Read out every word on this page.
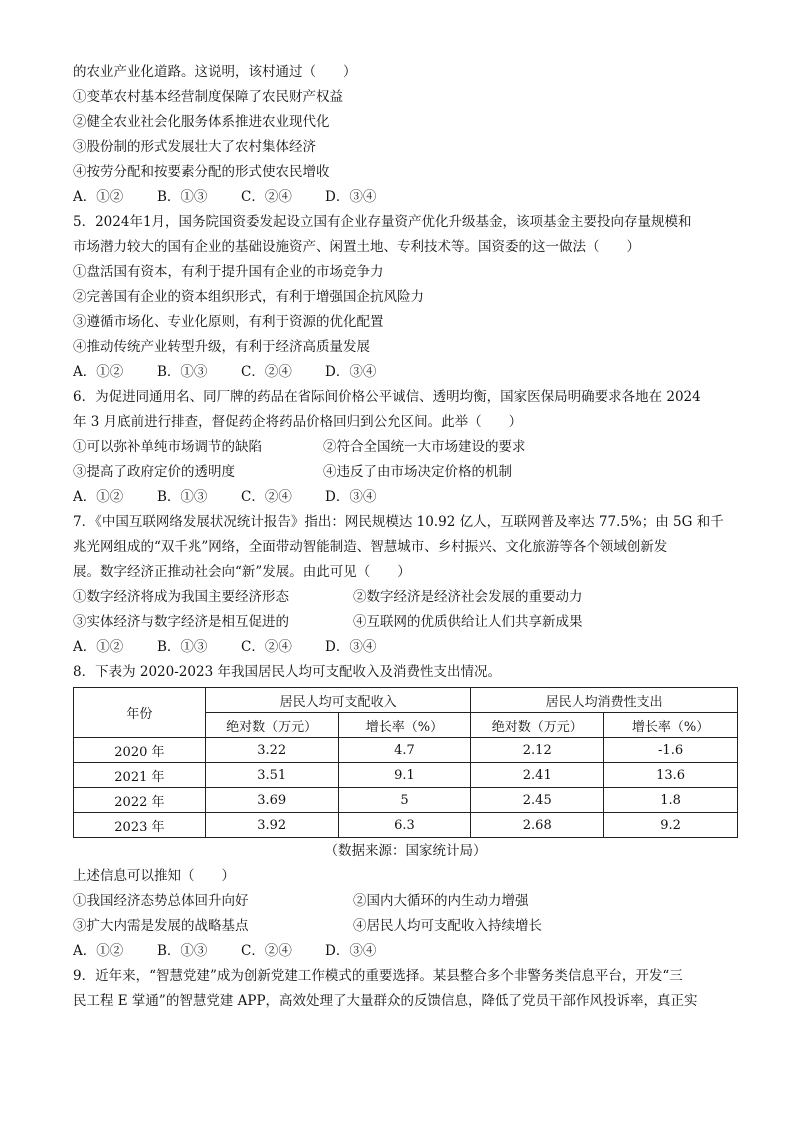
的农业产业化道路。这说明，该村通过（　　）
①变革农村基本经营制度保障了农民财产权益
②健全农业社会化服务体系推进农业现代化
③股份制的形式发展壮大了农村集体经济
④按劳分配和按要素分配的形式使农民增收
A．①②	B．①③ C．②④ D．③④
5．2024年1月，国务院国资委发起设立国有企业存量资产优化升级基金，该项基金主要投向存量规模和
市场潜力较大的国有企业的基础设施资产、闲置土地、专利技术等。国资委的这一做法（　　）
①盘活国有资本，有利于提升国有企业的市场竞争力
②完善国有企业的资本组织形式，有利于增强国企抗风险力
③遵循市场化、专业化原则，有利于资源的优化配置
④推动传统产业转型升级，有利于经济高质量发展
A．①②	B．①③ C．②④ D．③④
6．为促进同通用名、同厂牌的药品在省际间价格公平诚信、透明均衡，国家医保局明确要求各地在 2024
年 3 月底前进行排查，督促药企将药品价格回归到公允区间。此举（　　）
①可以弥补单纯市场调节的缺陷	②符合全国统一大市场建设的要求
③提高了政府定价的透明度	④违反了由市场决定价格的机制
A．①②	B．①③ C．②④ D．③④
7．《中国互联网络发展状况统计报告》指出：网民规模达 10.92 亿人，互联网普及率达 77.5%；由 5G 和千
兆光网组成的“双千兆”网络，全面带动智能制造、智慧城市、乡村振兴、文化旅游等各个领域创新发
展。数字经济正推动社会向“新”发展。由此可见（　　）
①数字经济将成为我国主要经济形态	②数字经济是经济社会发展的重要动力
③实体经济与数字经济是相互促进的	④互联网的优质供给让人们共享新成果
A．①②	B．①③ C．②④ D．③④
8．下表为 2020-2023 年我国居民人均可支配收入及消费性支出情况。
年份	居民人均可支配收入		居民人均消费性支出	
	绝对数（万元）	增长率（%）	绝对数（万元）	增长率（%）
2020 年	3.22	4.7	2.12	-1.6
2021 年	3.51	9.1	2.41	13.6
2022 年	3.69	5	2.45	1.8
2023 年	3.92	6.3	2.68	9.2
（数据来源：国家统计局）
上述信息可以推知（　　）
①我国经济态势总体回升向好	②国内大循环的内生动力增强
③扩大内需是发展的战略基点	④居民人均可支配收入持续增长
A．①②	B．①③ C．②④ D．③④
9．近年来，“智慧党建”成为创新党建工作模式的重要选择。某县整合多个非警务类信息平台，开发“三
民工程 E 掌通”的智慧党建 APP，高效处理了大量群众的反馈信息，降低了党员干部作风投诉率，真正实
